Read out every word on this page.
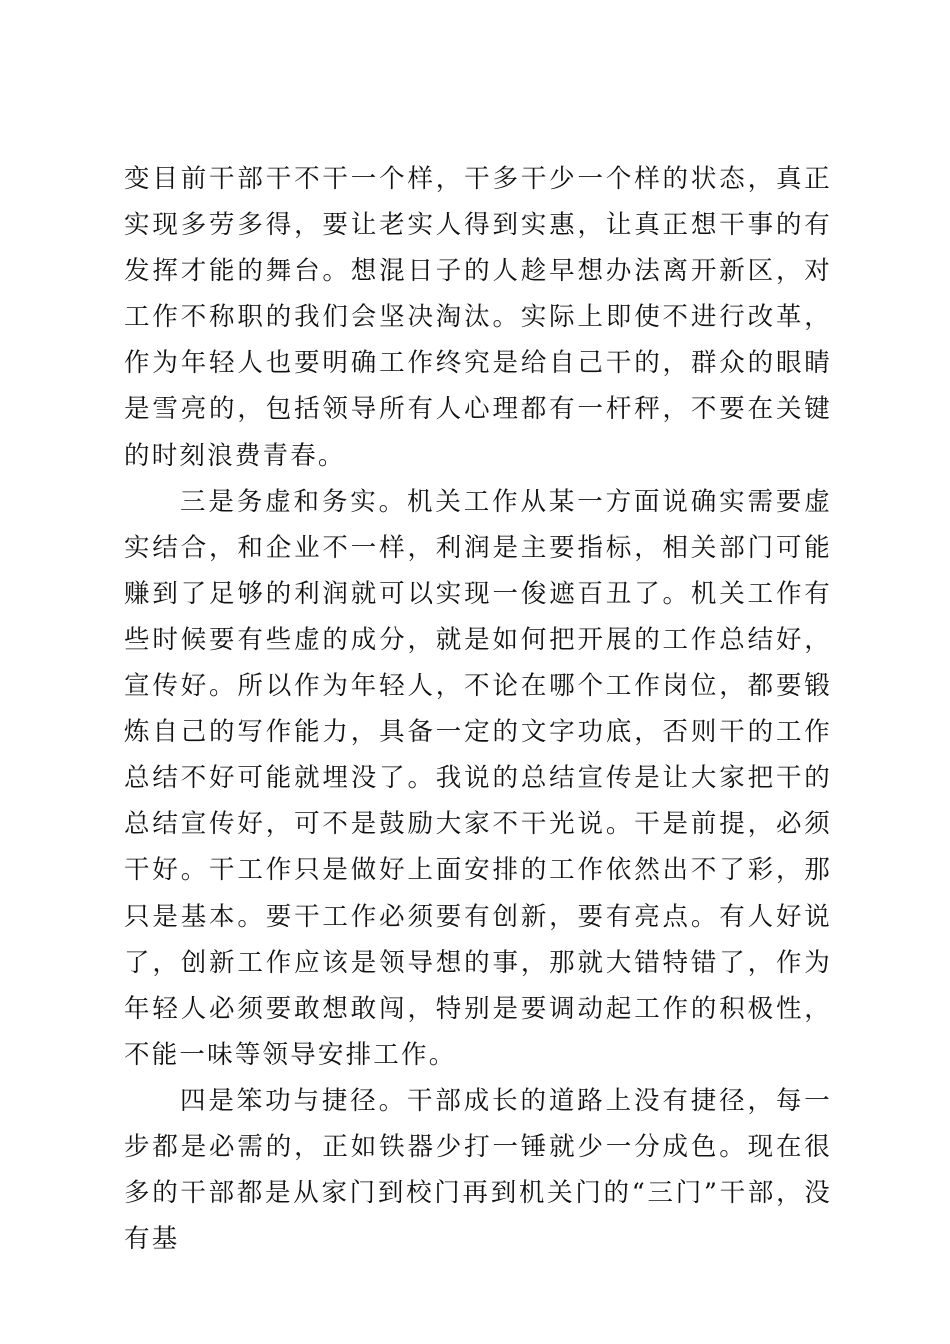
变目前干部干不干一个样，干多干少一个样的状态，真正实现多劳多得，要让老实人得到实惠，让真正想干事的有发挥才能的舞台。想混日子的人趁早想办法离开新区，对工作不称职的我们会坚决淘汰。实际上即使不进行改革，作为年轻人也要明确工作终究是给自己干的，群众的眼睛是雪亮的，包括领导所有人心理都有一杆秤，不要在关键的时刻浪费青春。

三是务虚和务实。机关工作从某一方面说确实需要虚实结合，和企业不一样，利润是主要指标，相关部门可能赚到了足够的利润就可以实现一俊遮百丑了。机关工作有些时候要有些虚的成分，就是如何把开展的工作总结好，宣传好。所以作为年轻人，不论在哪个工作岗位，都要锻炼自己的写作能力，具备一定的文字功底，否则干的工作总结不好可能就埋没了。我说的总结宣传是让大家把干的总结宣传好，可不是鼓励大家不干光说。干是前提，必须干好。干工作只是做好上面安排的工作依然出不了彩，那只是基本。要干工作必须要有创新，要有亮点。有人好说了，创新工作应该是领导想的事，那就大错特错了，作为年轻人必须要敢想敢闯，特别是要调动起工作的积极性，不能一味等领导安排工作。

四是笨功与捷径。干部成长的道路上没有捷径，每一步都是必需的，正如铁器少打一锤就少一分成色。现在很多的干部都是从家门到校门再到机关门的“三门”干部，没有基
